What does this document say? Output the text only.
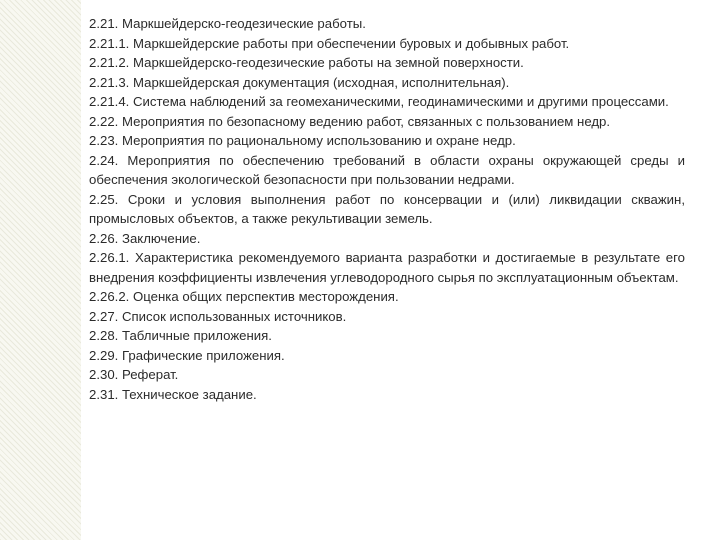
2.21. Маркшейдерско-геодезические работы.

2.21.1. Маркшейдерские работы при обеспечении буровых и добывных работ.

2.21.2. Маркшейдерско-геодезические работы на земной поверхности.

2.21.3. Маркшейдерская документация (исходная, исполнительная).

2.21.4. Система наблюдений за геомеханическими, геодинамическими и другими процессами.

2.22. Мероприятия по безопасному ведению работ, связанных с пользованием недр.

2.23. Мероприятия по рациональному использованию и охране недр.

2.24. Мероприятия по обеспечению требований в области охраны окружающей среды и обеспечения экологической безопасности при пользовании недрами.

2.25. Сроки и условия выполнения работ по консервации и (или) ликвидации скважин, промысловых объектов, а также рекультивации земель.

2.26. Заключение.

2.26.1. Характеристика рекомендуемого варианта разработки и достигаемые в результате его внедрения коэффициенты извлечения углеводородного сырья по эксплуатационным объектам.

2.26.2. Оценка общих перспектив месторождения.

2.27. Список использованных источников.

2.28. Табличные приложения.

2.29. Графические приложения.

2.30. Реферат.

2.31. Техническое задание.
